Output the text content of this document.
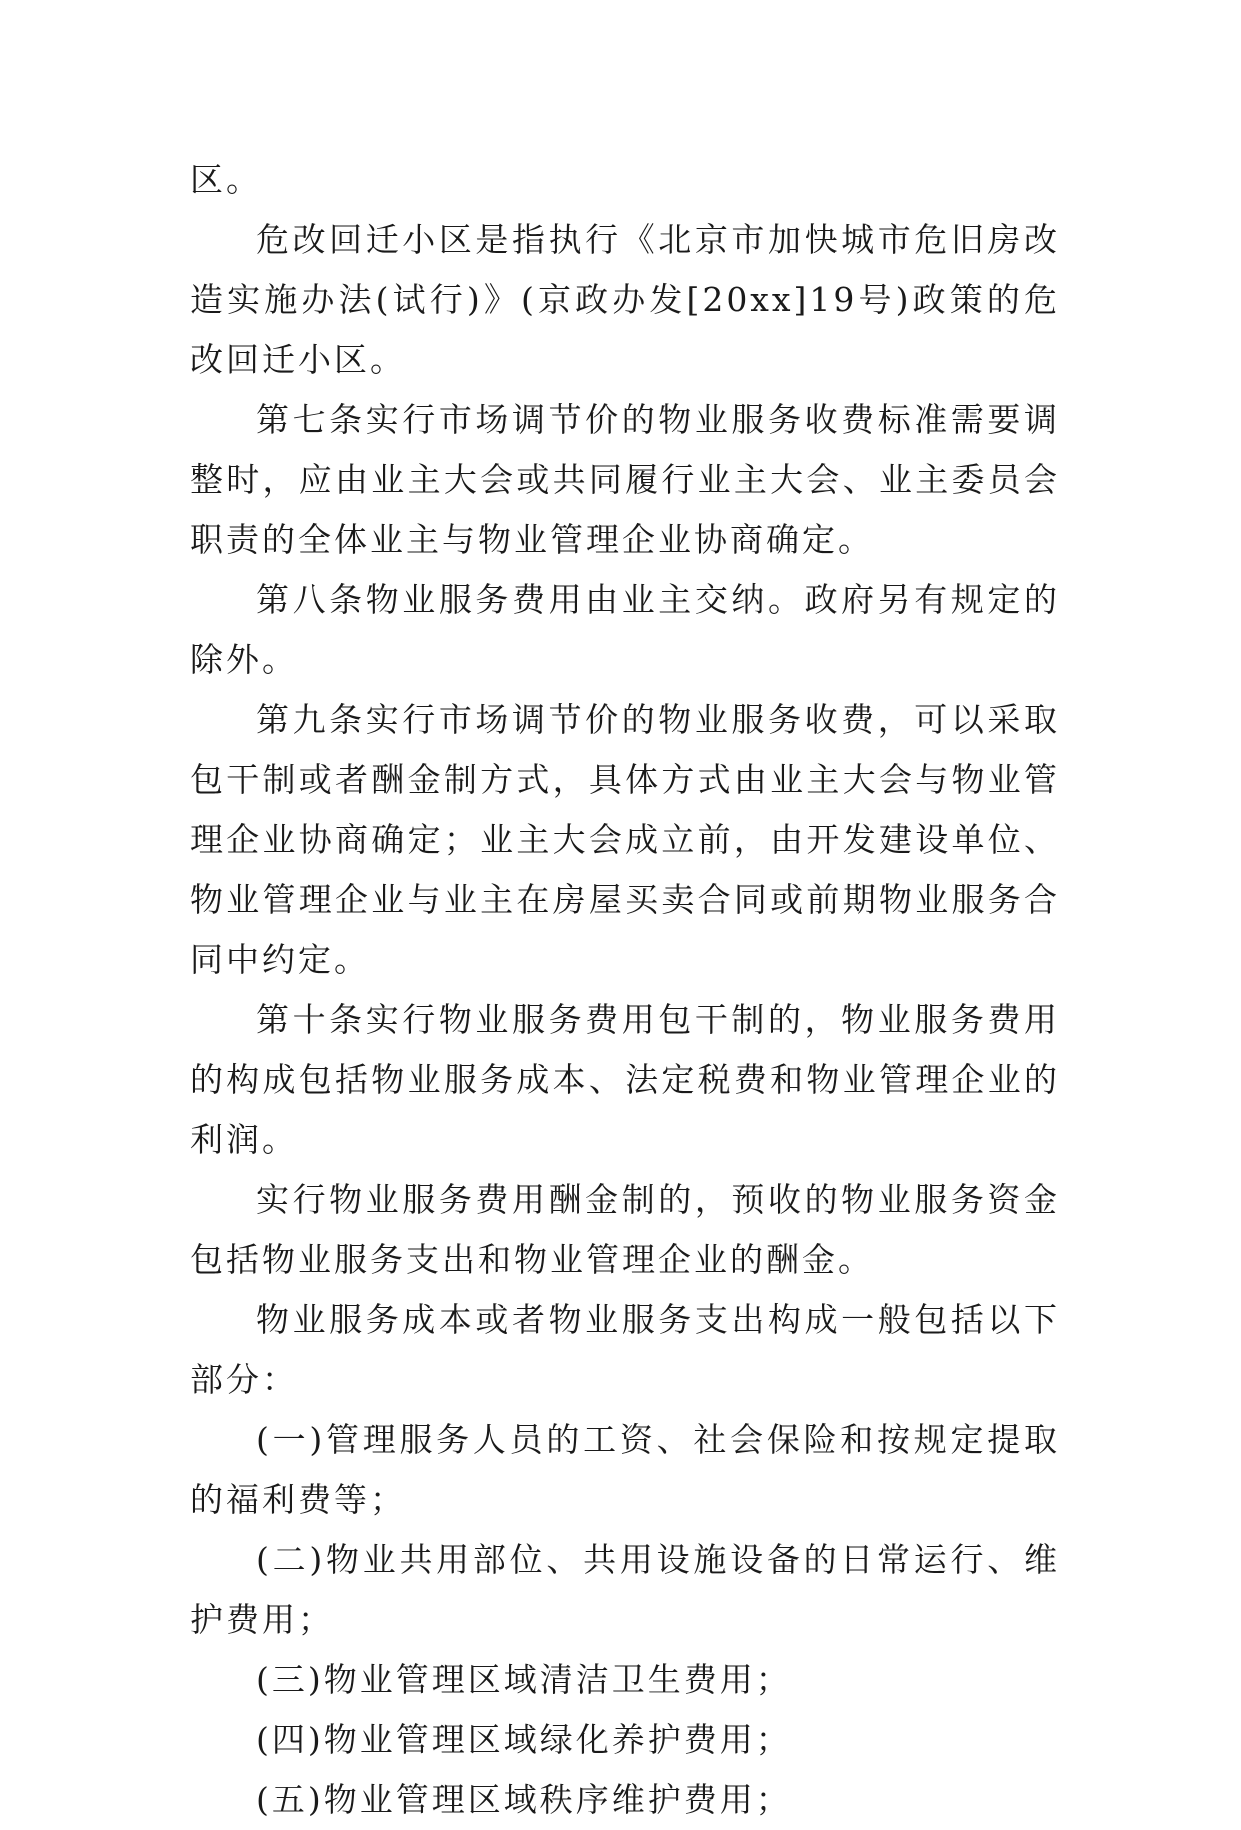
区。

危改回迁小区是指执行《北京市加快城市危旧房改造实施办法(试行)》(京政办发[20xx]19号)政策的危改回迁小区。

第七条实行市场调节价的物业服务收费标准需要调整时，应由业主大会或共同履行业主大会、业主委员会职责的全体业主与物业管理企业协商确定。

第八条物业服务费用由业主交纳。政府另有规定的除外。

第九条实行市场调节价的物业服务收费，可以采取包干制或者酬金制方式，具体方式由业主大会与物业管理企业协商确定；业主大会成立前，由开发建设单位、物业管理企业与业主在房屋买卖合同或前期物业服务合同中约定。

第十条实行物业服务费用包干制的，物业服务费用的构成包括物业服务成本、法定税费和物业管理企业的利润。

实行物业服务费用酬金制的，预收的物业服务资金包括物业服务支出和物业管理企业的酬金。

物业服务成本或者物业服务支出构成一般包括以下部分：

(一)管理服务人员的工资、社会保险和按规定提取的福利费等；

(二)物业共用部位、共用设施设备的日常运行、维护费用；

(三)物业管理区域清洁卫生费用；

(四)物业管理区域绿化养护费用；

(五)物业管理区域秩序维护费用；
